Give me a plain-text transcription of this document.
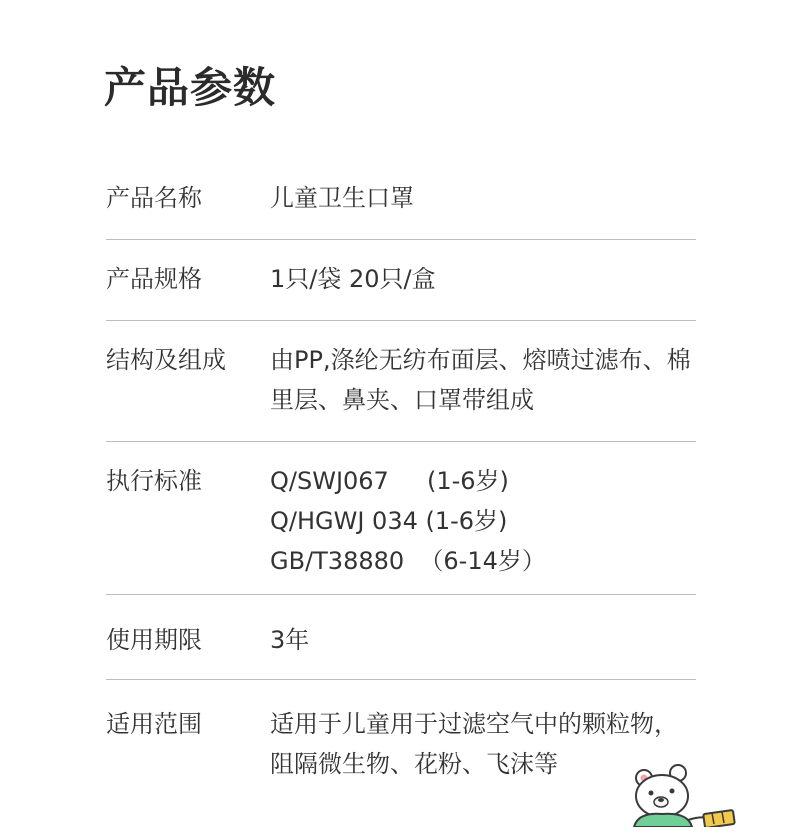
产品参数
产品名称	儿童卫生口罩
产品规格	1只/袋 20只/盒
结构及组成	由PP,涤纶无纺布面层、熔喷过滤布、棉
里层、鼻夹、口罩带组成
执行标准	Q/SWJ067     (1-6岁)
Q/HGWJ 034 (1-6岁)
GB/T38880  （6-14岁）
使用期限	3年
适用范围	适用于儿童用于过滤空气中的颗粒物，
阻隔微生物、花粉、飞沫等
